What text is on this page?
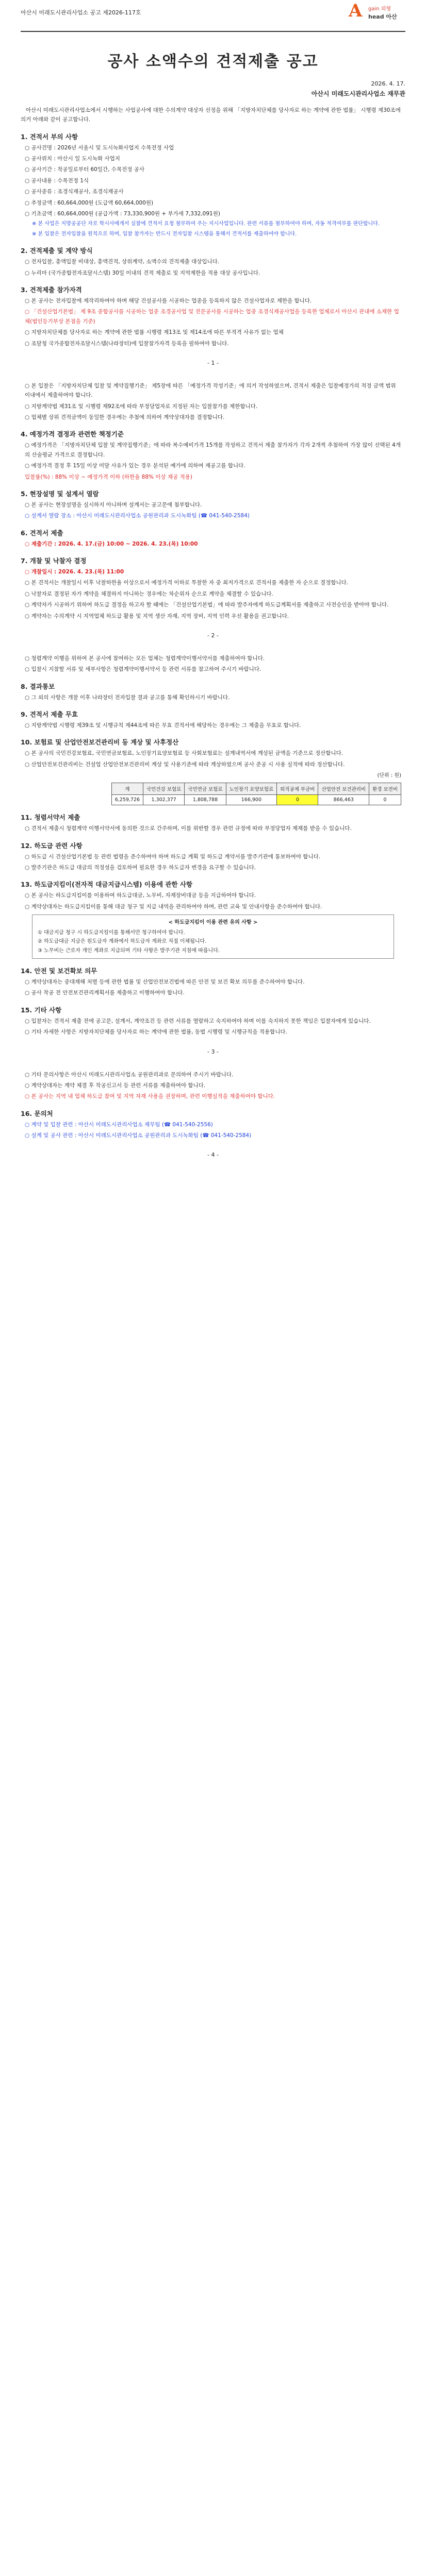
아산시 미래도시관리사업소 공고 제2026-117호	A gain 외형
head 아산
공사 소액수의 견적제출 공고
2026. 4. 17.
아산시 미래도시관리사업소 재무관
아산시 미래도시관리사업소에서 시행하는 사업공사에 대한 수의계약 대상자 선정을 위해 「지방자치단체를 당사자로 하는 계약에 관한 법률」 시행령 제30조에 의거 아래와 같이 공고합니다.
1. 견적서 부의 사항
○ 공사건명 : 2026년 서울시 및 도시녹화사업지 수목전정 사업
○ 공사위치 : 아산시 일 도시녹화 사업지
○ 공사기간 : 착공일로부터 60일간, 수목전정 공사
○ 공사내용 : 수목전정 1식
○ 공사종류 : 조경식재공사, 조경식재공사
○ 추정금액 : 60,664,000원 (도급액 60,664,000원)
○ 기초금액 : 60,664,000원 (공급가액 : 73,330,900원 + 부가세 7,332,091원)
※ 본 사업은 지방공공단 자로 학시사에게서 실찰에 견적서 요청 첨부하여 주는 지시사업입니다. 관련 서류를 첨부하여야 하며, 자동 적격여부를 판단합니다.
※ 본 입찰은 전자입찰을 원칙으로 하며, 입찰 참가자는 반드시 전자입찰 시스템을 통해서 견적서를 제출하여야 합니다.
2. 견적제출 및 계약 방식
○ 전자입찰, 총액입찰 비대상, 총액견적, 상위계약, 소액수의 견적제출 대상입니다.
○ 누리마 (국가종합전자조달시스템) 30일 이내의 견적 제출로 및 지역제한을 적용 대상 공사입니다.
3. 견적제출 참가자격
○ 본 공사는 전자입찰에 제작리하여야 하며 해당 건설공사를 시공하는 업종을 등록하지 않은 건설사업자로 제한을 합니다.
○ 「건설산업기본법」 제 9조 종합공사를 시공하는 업종 조경공사업 및 전문공사를 시공하는 업종 조경식재공사업을 등록한 업체로서 아산시 관내에 소재한 업체(법인등기부상 본점을 기준)
○ 지방자치단체를 당사자로 하는 계약에 관한 법률 시행령 제13조 및 제14조에 따른 부적격 사유가 없는 업체
○ 조달청 국가종합전자조달시스템(나라장터)에 입찰참가자격 등록을 필하여야 합니다.
- 1 -
○ 본 입찰은 「지방자치단체 입찰 및 계약집행기준」 제5장에 따른 「예정가격 작성기준」에 의거 작성하였으며, 견적서 제출은 입찰예정가의 적정 금액 범위 이내에서 제출하여야 합니다.
○ 지방계약법 제31조 및 시행령 제92조에 따라 부정당업자로 지정된 자는 입찰참가를 제한합니다.
○ 업체별 상위 견적금액이 동일한 경우에는 추첨에 의하여 계약상대자를 결정합니다.
4. 예정가격 결정과 관련한 책정기준
○ 예정가격은 「지방자치단체 입찰 및 계약집행기준」에 따라 복수예비가격 15개를 작성하고 견적서 제출 참가자가 각자 2개씩 추첨하여 가장 많이 선택된 4개의 산술평균 가격으로 결정합니다.
○ 예정가격 결정 후 15일 이상 미달 사유가 있는 경우 분석된 예가에 의하여 재공고를 합니다.
입찰률(%) : 88% 이상 ~ 예정가격 이하 (하한율 88% 이상 재공 적용)
5. 현장설명 및 설계서 열람
○ 본 공사는 현장설명을 실시하지 아니하며 설계서는 공고문에 첨부합니다.
○ 설계서 열람 장소 : 아산시 미래도시관리사업소 공원관리과 도시녹화팀 (☎ 041-540-2584)
6. 견적서 제출
○ 제출기간 : 2026. 4. 17.(금) 10:00 ~ 2026. 4. 23.(목) 10:00
7. 개찰 및 낙찰자 결정
○ 개찰일시 : 2026. 4. 23.(목) 11:00
○ 본 견적서는 개찰일시 이후 낙찰하한율 이상으로서 예정가격 이하로 투찰한 자 중 최저가격으로 견적서를 제출한 자 순으로 결정합니다.
○ 낙찰자로 결정된 자가 계약을 체결하지 아니하는 경우에는 차순위자 순으로 계약을 체결할 수 있습니다.
○ 계약자가 시공하기 위하여 하도급 결정을 하고자 할 때에는 「건설산업기본법」에 따라 발주자에게 하도급계획서를 제출하고 사전승인을 받아야 합니다.
○ 계약자는 수의계약 시 지역업체 하도급 활용 및 지역 생산 자재, 지역 장비, 지역 인력 우선 활용을 권고합니다.
- 2 -
○ 청렴계약 이행을 위하여 본 공사에 참여하는 모든 업체는 청렴계약이행서약서를 제출하여야 합니다.
○ 입찰시 지참할 서류 및 세부사항은 청렴계약이행서약서 등 관련 서류를 참고하여 주시기 바랍니다.
8. 결과통보
○ 그 외의 사항은 개찰 이후 나라장터 전자입찰 결과 공고를 통해 확인하시기 바랍니다.
9. 견적서 제출 무효
○ 지방계약법 시행령 제39조 및 시행규칙 제44조에 따른 무효 견적서에 해당하는 경우에는 그 제출을 무효로 합니다.
10. 보험료 및 산업안전보건관리비 등 계상 및 사후정산
○ 본 공사의 국민건강보험료, 국민연금보험료, 노인장기요양보험료 등 사회보험료는 설계내역서에 계상된 금액을 기준으로 정산합니다.
○ 산업안전보건관리비는 건설업 산업안전보건관리비 계상 및 사용기준에 따라 계상하였으며 공사 준공 시 사용 실적에 따라 정산합니다.
(단위 : 원)
계	국민건강 보험료	국민연금 보험료	노인장기 요양보험료	퇴직공제 부금비	산업안전 보건관리비	환경 보전비
6,259,726	1,302,377	1,808,788	166,900	0	866,463	0
11. 청렴서약서 제출
○ 견적서 제출시 청렴계약 이행서약서에 동의한 것으로 간주하며, 이를 위반할 경우 관련 규정에 따라 부정당업자 제재를 받을 수 있습니다.
12. 하도급 관련 사항
○ 하도급 시 건설산업기본법 등 관련 법령을 준수하여야 하며 하도급 계획 및 하도급 계약서를 발주기관에 통보하여야 합니다.
○ 발주기관은 하도급 대금의 적정성을 검토하여 필요한 경우 하도급자 변경을 요구할 수 있습니다.
13. 하도급지킴이(전자적 대금지급시스템) 이용에 관한 사항
○ 본 공사는 하도급지킴이를 이용하여 하도급대금, 노무비, 자재장비대금 등을 지급하여야 합니다.
○ 계약상대자는 하도급지킴이를 통해 대금 청구 및 지급 내역을 관리하여야 하며, 관련 교육 및 안내사항을 준수하여야 합니다.
< 하도급지킴이 이용 관련 유의 사항 >
① 대금지급 청구 시 하도급지킴이를 통해서만 청구하여야 합니다.
② 하도급대금 지급은 원도급자 계좌에서 하도급자 계좌로 직접 이체됩니다.
③ 노무비는 근로자 개인 계좌로 지급되며 기타 사항은 발주기관 지침에 따릅니다.
14. 안전 및 보건확보 의무
○ 계약상대자는 중대재해 처벌 등에 관한 법률 및 산업안전보건법에 따른 안전 및 보건 확보 의무를 준수하여야 합니다.
○ 공사 착공 전 안전보건관리계획서를 제출하고 이행하여야 합니다.
15. 기타 사항
○ 입찰자는 견적서 제출 전에 공고문, 설계서, 계약조건 등 관련 서류를 열람하고 숙지하여야 하며 이를 숙지하지 못한 책임은 입찰자에게 있습니다.
○ 기타 자세한 사항은 지방자치단체를 당사자로 하는 계약에 관한 법률, 동법 시행령 및 시행규칙을 적용합니다.
- 3 -
○ 기타 문의사항은 아산시 미래도시관리사업소 공원관리과로 문의하여 주시기 바랍니다.
○ 계약상대자는 계약 체결 후 착공신고서 등 관련 서류를 제출하여야 합니다.
○ 본 공사는 지역 내 업체 하도급 참여 및 지역 자재 사용을 권장하며, 관련 이행실적을 제출하여야 합니다.
16. 문의처
○ 계약 및 입찰 관련 : 아산시 미래도시관리사업소 재무팀 (☎ 041-540-2556)
○ 설계 및 공사 관련 : 아산시 미래도시관리사업소 공원관리과 도시녹화팀 (☎ 041-540-2584)
- 4 -
